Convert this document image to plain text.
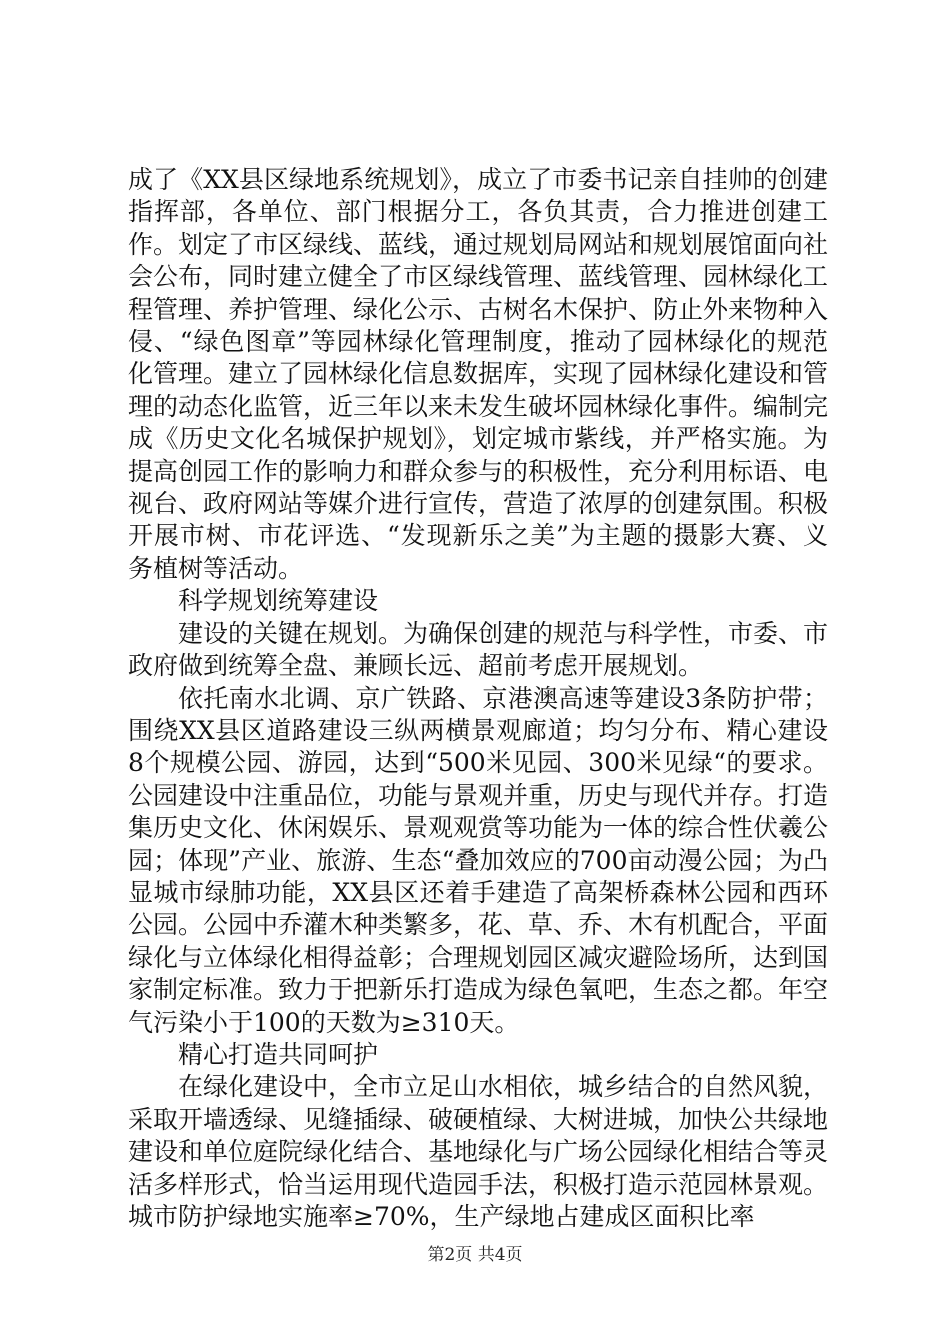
成了《XX县区绿地系统规划》，成立了市委书记亲自挂帅的创建指挥部，各单位、部门根据分工，各负其责，合力推进创建工作。划定了市区绿线、蓝线，通过规划局网站和规划展馆面向社会公布，同时建立健全了市区绿线管理、蓝线管理、园林绿化工程管理、养护管理、绿化公示、古树名木保护、防止外来物种入侵、“绿色图章”等园林绿化管理制度，推动了园林绿化的规范化管理。建立了园林绿化信息数据库，实现了园林绿化建设和管理的动态化监管，近三年以来未发生破坏园林绿化事件。编制完成《历史文化名城保护规划》，划定城市紫线，并严格实施。为提高创园工作的影响力和群众参与的积极性，充分利用标语、电视台、政府网站等媒介进行宣传，营造了浓厚的创建氛围。积极开展市树、市花评选、“发现新乐之美”为主题的摄影大赛、义务植树等活动。

科学规划统筹建设

建设的关键在规划。为确保创建的规范与科学性，市委、市政府做到统筹全盘、兼顾长远、超前考虑开展规划。

依托南水北调、京广铁路、京港澳高速等建设3条防护带；围绕XX县区道路建设三纵两横景观廊道；均匀分布、精心建设8个规模公园、游园，达到“500米见园、300米见绿“的要求。公园建设中注重品位，功能与景观并重，历史与现代并存。打造集历史文化、休闲娱乐、景观观赏等功能为一体的综合性伏羲公园；体现”产业、旅游、生态“叠加效应的700亩动漫公园；为凸显城市绿肺功能，XX县区还着手建造了高架桥森林公园和西环公园。公园中乔灌木种类繁多，花、草、乔、木有机配合，平面绿化与立体绿化相得益彰；合理规划园区减灾避险场所，达到国家制定标准。致力于把新乐打造成为绿色氧吧，生态之都。年空气污染小于100的天数为≥310天。

精心打造共同呵护

在绿化建设中，全市立足山水相依，城乡结合的自然风貌，采取开墙透绿、见缝插绿、破硬植绿、大树进城，加快公共绿地建设和单位庭院绿化结合、基地绿化与广场公园绿化相结合等灵活多样形式，恰当运用现代造园手法，积极打造示范园林景观。城市防护绿地实施率≥70%，生产绿地占建成区面积比率

第2页 共4页
